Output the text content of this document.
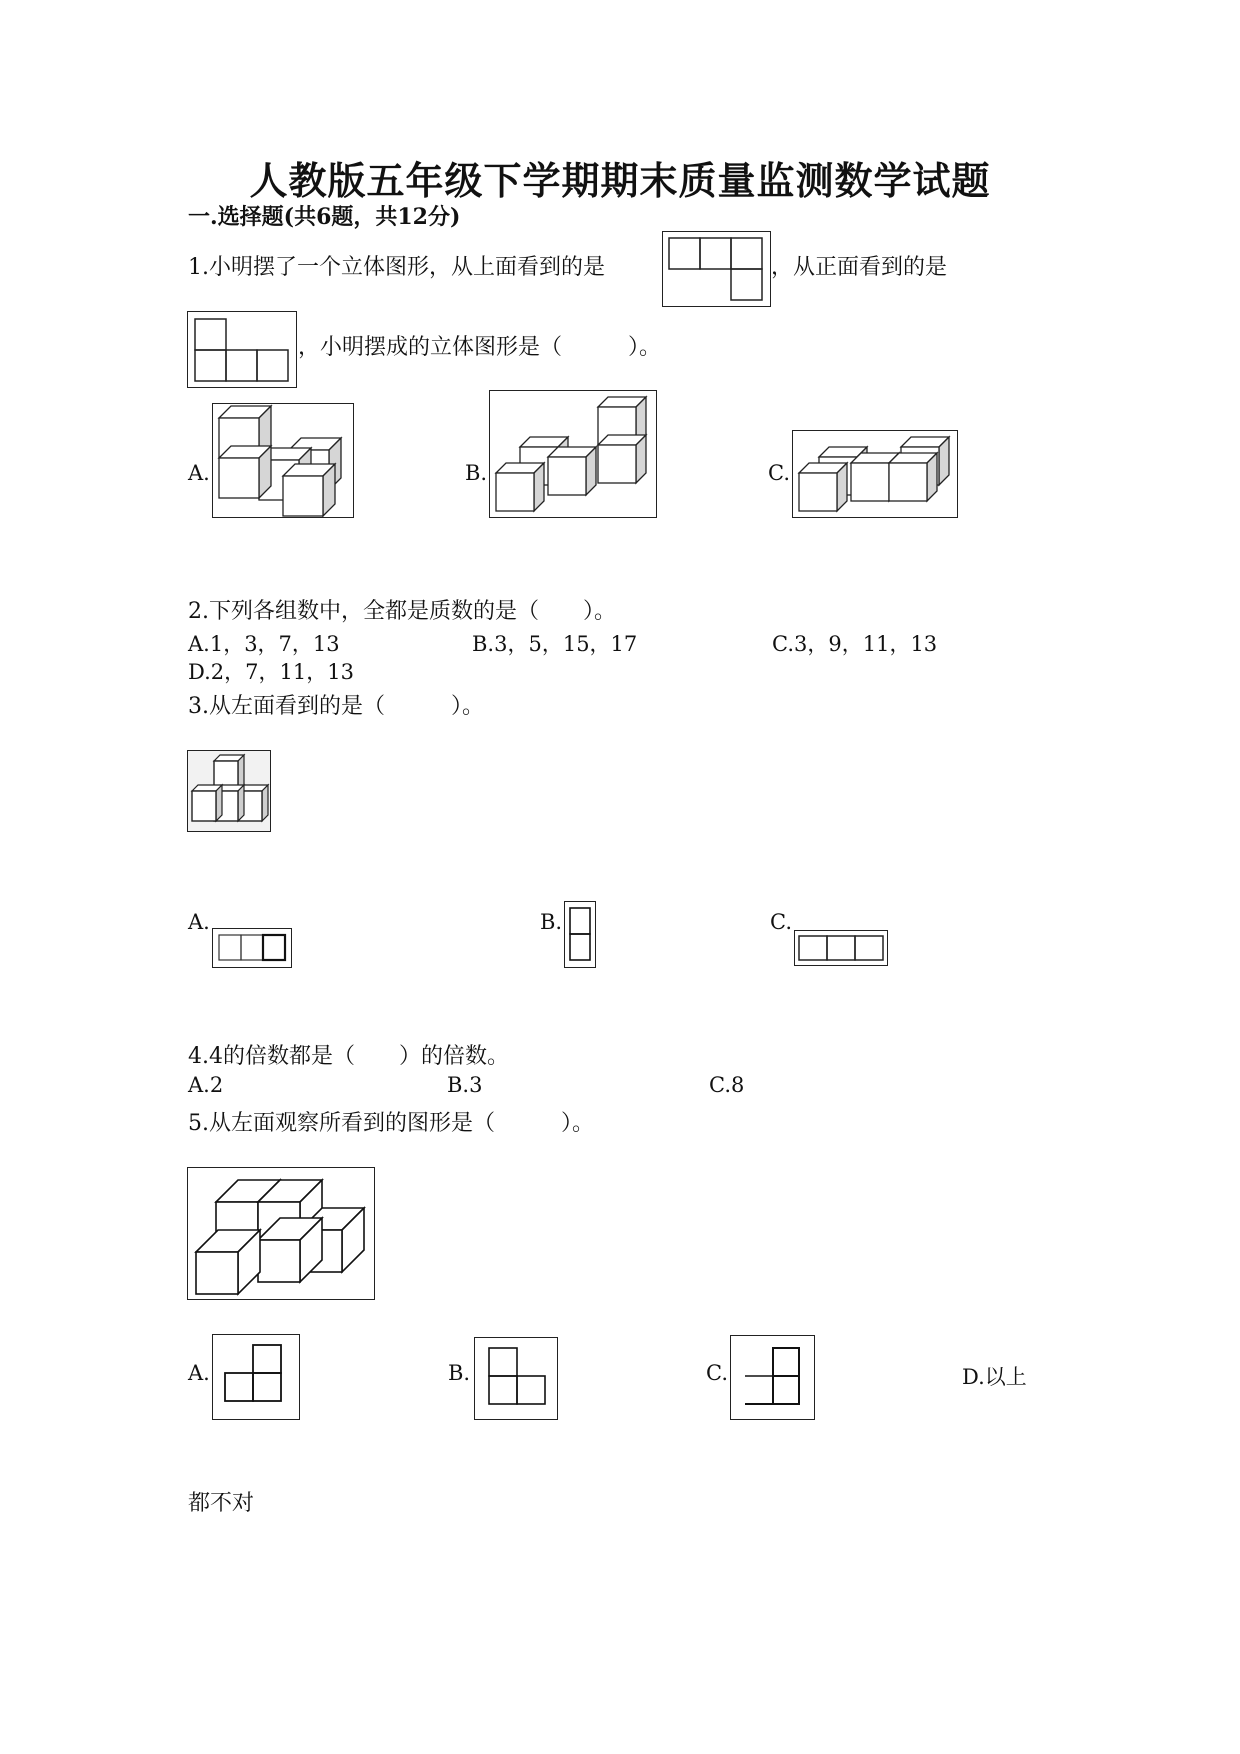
人教版五年级下学期期末质量监测数学试题
一.选择题(共6题，共12分)
1.小明摆了一个立体图形，从上面看到的是	，从正面看到的是
，小明摆成的立体图形是（　　　）。
A.	B.	C.
2.下列各组数中，全都是质数的是（　　）。
A.1，3，7，13	B.3，5，15，17	C.3，9，11，13
D.2，7，11，13
3.从左面看到的是（　　　）。
A.	B.	C.
4.4的倍数都是（　　）的倍数。
A.2	B.3	C.8
5.从左面观察所看到的图形是（　　　）。
A.	B.	C.	D.以上
都不对
